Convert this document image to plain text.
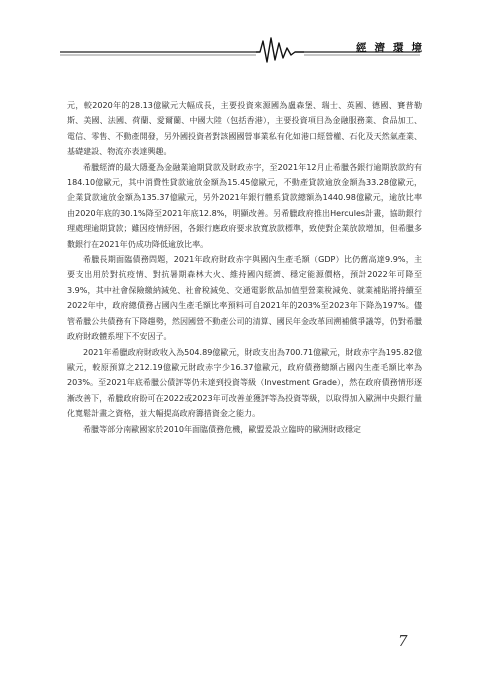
經濟環境

元，較2020年的28.13億歐元大幅成長，主要投資來源國為盧森堡、瑞士、英國、德國、賽普勒斯、美國、法國、荷蘭、愛爾蘭、中國大陸（包括香港），主要投資項目為金融服務業、食品加工、電信、零售、不動產開發，另外國投資者對該國國營事業私有化如港口經營權、石化及天然氣產業、基礎建設、物流亦表達興趣。

希臘經濟的最大隱憂為金融業逾期貸款及財政赤字，至2021年12月止希臘各銀行逾期放款約有184.10億歐元，其中消費性貸款逾放金額為15.45億歐元，不動產貸款逾放金額為33.28億歐元，企業貸款逾放金額為135.37億歐元，另外2021年銀行體系貸款總額為1440.98億歐元，逾放比率由2020年底的30.1%降至2021年底12.8%，明顯改善。另希臘政府推出Hercules計畫，協助銀行理處理逾期貸款；雖因疫情紓困，各銀行應政府要求放寬放款標準，致使對企業放款增加，但希臘多數銀行在2021年仍成功降低逾放比率。

希臘長期面臨債務問題，2021年政府財政赤字與國內生產毛額（GDP）比仍舊高達9.9%，主要支出用於對抗疫情、對抗暑期森林大火、維持國內經濟、穩定能源價格，預計2022年可降至3.9%，其中社會保險繳納減免、社會稅減免、交通電影飲品加值型營業稅減免、就業補貼將持續至2022年中，政府總債務占國內生產毛額比率預料可自2021年的203%至2023年下降為197%。儘管希臘公共債務有下降趨勢，然因國營不動產公司的清算、國民年金改革回溯補償爭議等，仍對希臘政府財政體系埋下不安因子。

2021年希臘政府財政收入為504.89億歐元，財政支出為700.71億歐元，財政赤字為195.82億歐元，較原預算之212.19億歐元財政赤字少16.37億歐元，政府債務總額占國內生產毛額比率為203%。至2021年底希臘公債評等仍未達到投資等級（Investment Grade），然在政府債務情形逐漸改善下，希臘政府盼可在2022或2023年可改善並獲評等為投資等級，以取得加入歐洲中央銀行量化寬鬆計畫之資格，並大幅提高政府籌措資金之能力。

希臘等部分南歐國家於2010年面臨債務危機，歐盟爰設立臨時的歐洲財政穩定

7
